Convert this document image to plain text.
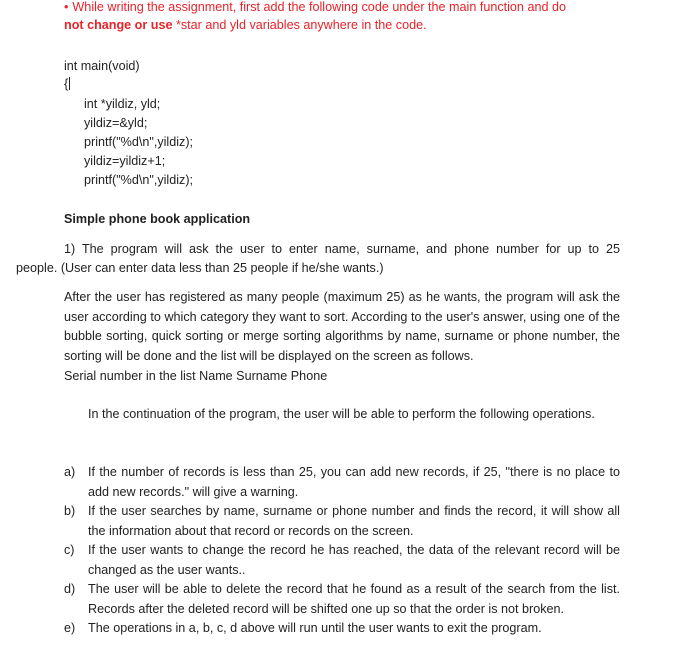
• While writing the assignment, first add the following code under the main function and do
not change or use *star and yld variables anywhere in the code.
int main(void)
{
int *yildiz, yld;
yildiz=&yld;
printf("%d\n",yildiz);
yildiz=yildiz+1;
printf("%d\n",yildiz);
Simple phone book application
1) The program will ask the user to enter name, surname, and phone number for up to 25
people. (User can enter data less than 25 people if he/she wants.)
After the user has registered as many people (maximum 25) as he wants, the program will ask the user according to which category they want to sort. According to the user's answer, using one of the bubble sorting, quick sorting or merge sorting algorithms by name, surname or phone number, the sorting will be done and the list will be displayed on the screen as follows.
Serial number in the list Name Surname Phone
In the continuation of the program, the user will be able to perform the following operations.
a) If the number of records is less than 25, you can add new records, if 25, "there is no place to add new records." will give a warning.
b) If the user searches by name, surname or phone number and finds the record, it will show all the information about that record or records on the screen.
c) If the user wants to change the record he has reached, the data of the relevant record will be changed as the user wants..
d) The user will be able to delete the record that he found as a result of the search from the list. Records after the deleted record will be shifted one up so that the order is not broken.
e) The operations in a, b, c, d above will run until the user wants to exit the program.
